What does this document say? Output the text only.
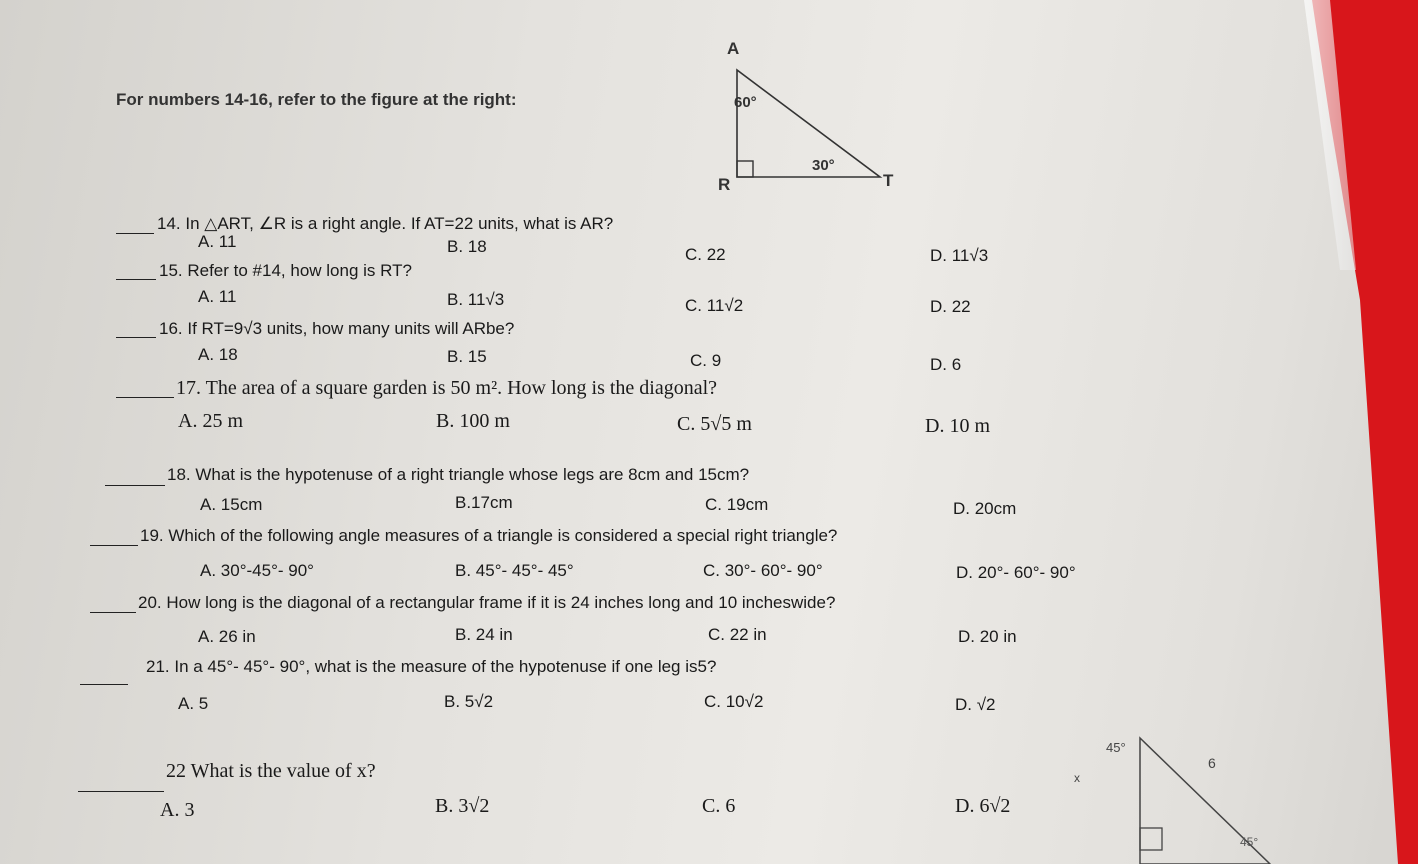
For numbers 14-16, refer to the figure at the right:
A
R	T
60°
30°
45°
6
x
45°
14. In △ART, ∠R is a right angle. If AT=22 units, what is AR?
A. 11	B. 18	C. 22	D. 11√3
15. Refer to #14, how long is RT?
A. 11	B. 11√3	C. 11√2	D. 22
16. If RT=9√3 units, how many units will ARbe?
A. 18	B. 15	C. 9	D. 6
17. The area of a square garden is 50 m². How long is the diagonal?
A. 25 m	B. 100 m	C. 5√5 m	D. 10 m
18. What is the hypotenuse of a right triangle whose legs are 8cm and 15cm?
A. 15cm	B.17cm	C. 19cm	D. 20cm
19. Which of the following angle measures of a triangle is considered a special right triangle?
A. 30°-45°- 90°	B. 45°- 45°- 45°	C. 30°- 60°- 90°	D. 20°- 60°- 90°
20. How long is the diagonal of a rectangular frame if it is 24 inches long and 10 incheswide?
A. 26 in	B. 24 in	C. 22 in	D. 20 in
21. In a 45°- 45°- 90°, what is the measure of the hypotenuse if one leg is5?
A. 5	B. 5√2	C. 10√2	D. √2
22 What is the value of x?
A. 3	B. 3√2	C. 6	D. 6√2
